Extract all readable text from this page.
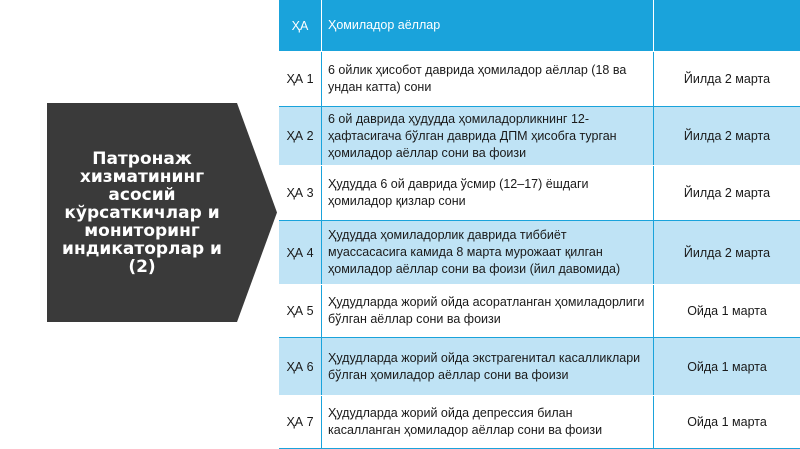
Патронаж хизматининг асосий кўрсаткичлар и мониторинг индикаторлар и (2)
ҲА	Ҳомиладор аёллар
ҲА 1
6 ойлик ҳисобот даврида ҳомиладор аёллар (18 ва ундан катта) сони
Йилда 2 марта
ҲА 2
6 ой даврида ҳудудда ҳомиладорликнинг 12-ҳафтасигача бўлган даврида ДПМ ҳисобга турган ҳомиладор аёллар сони ва фоизи
Йилда 2 марта
ҲА 3
Ҳудудда 6 ой даврида ўсмир (12–17) ёшдаги ҳомиладор қизлар сони
Йилда 2 марта
ҲА 4
Ҳудудда ҳомиладорлик даврида тиббиёт муассасасига камида 8 марта мурожаат қилган ҳомиладор аёллар сони ва фоизи (йил давомида)
Йилда 2 марта
ҲА 5
Ҳудудларда жорий ойда асоратланган ҳомиладорлиги бўлган аёллар сони ва фоизи
Ойда 1 марта
ҲА 6
Ҳудудларда жорий ойда экстрагенитал касалликлари бўлган ҳомиладор аёллар сони ва фоизи
Ойда 1 марта
ҲА 7
Ҳудудларда жорий ойда депрессия билан касалланган ҳомиладор аёллар сони ва фоизи
Ойда 1 марта
